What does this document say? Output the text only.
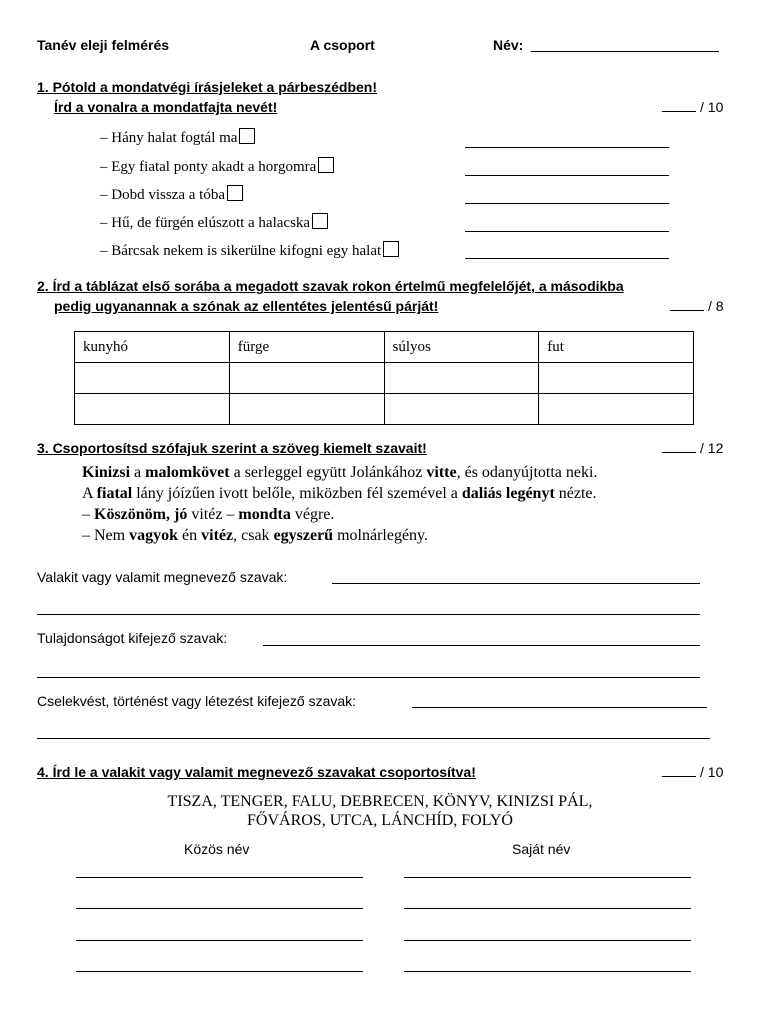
Tanév eleji felmérés	A csoport	Név:
1. Pótold a mondatvégi írásjeleket a párbeszédben!
Írd a vonalra a mondatfajta nevét!	/ 10
– Hány halat fogtál ma
– Egy fiatal ponty akadt a horgomra
– Dobd vissza a tóba
– Hű, de fürgén elúszott a halacska
– Bárcsak nekem is sikerülne kifogni egy halat
2. Írd a táblázat első sorába a megadott szavak rokon értelmű megfelelőjét, a másodikba
pedig ugyanannak a szónak az ellentétes jelentésű párját!	/ 8
kunyhó	fürge	súlyos	fut

3. Csoportosítsd szófajuk szerint a szöveg kiemelt szavait!	/ 12
Kinizsi a malomkövet a serleggel együtt Jolánkához vitte, és odanyújtotta neki.
A fiatal lány jóízűen ivott belőle, miközben fél szemével a daliás legényt nézte.
– Köszönöm, jó vitéz – mondta végre.
– Nem vagyok én vitéz, csak egyszerű molnárlegény.
Valakit vagy valamit megnevező szavak:
Tulajdonságot kifejező szavak:
Cselekvést, történést vagy létezést kifejező szavak:
4. Írd le a valakit vagy valamit megnevező szavakat csoportosítva!	/ 10
TISZA, TENGER, FALU, DEBRECEN, KÖNYV, KINIZSI PÁL,
FŐVÁROS, UTCA, LÁNCHÍD, FOLYÓ
Közös név	Saját név
